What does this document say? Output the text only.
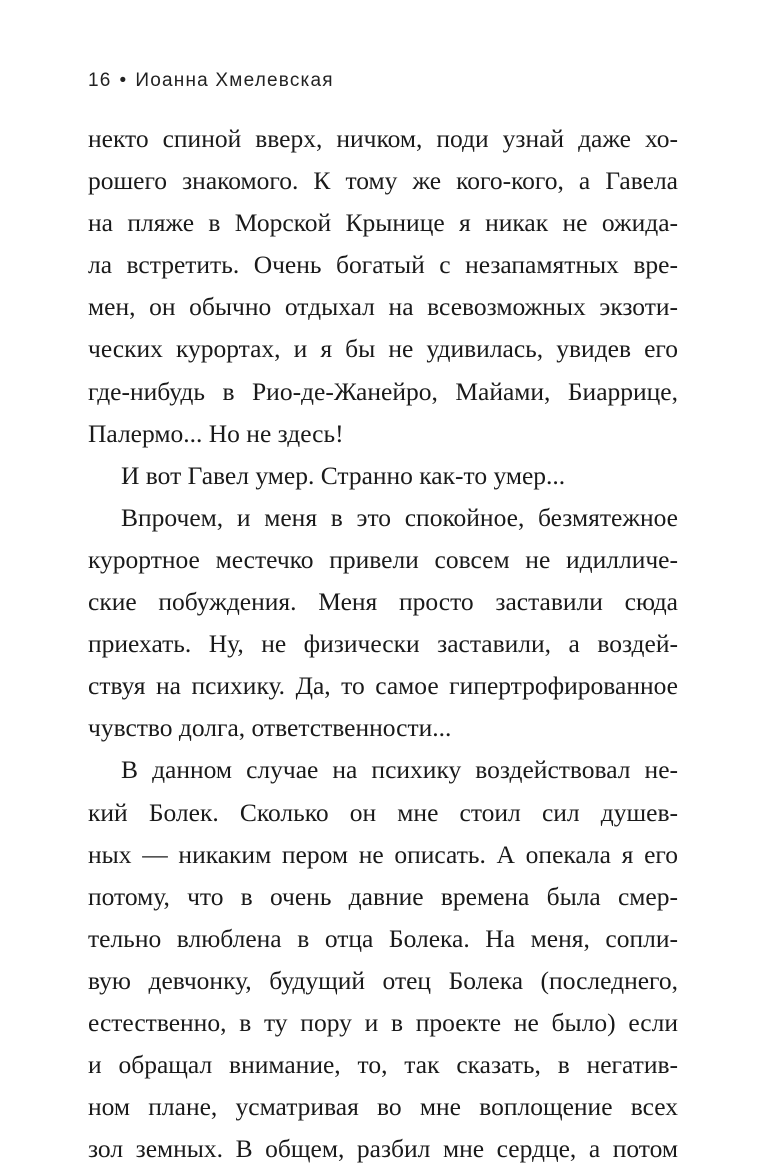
16 • Иоанна Хмелевская
некто спиной вверх, ничком, поди узнай даже хо-
рошего знакомого. К тому же кого-кого, а Гавела
на пляже в Морской Крынице я никак не ожида-
ла встретить. Очень богатый с незапамятных вре-
мен, он обычно отдыхал на всевозможных экзоти-
ческих курортах, и я бы не удивилась, увидев его
где-нибудь в Рио-де-Жанейро, Майами, Биаррице,
Палермо... Но не здесь!
И вот Гавел умер. Странно как-то умер...
Впрочем, и меня в это спокойное, безмятежное
курортное местечко привели совсем не идилличе-
ские побуждения. Меня просто заставили сюда
приехать. Ну, не физически заставили, а воздей-
ствуя на психику. Да, то самое гипертрофированное
чувство долга, ответственности...
В данном случае на психику воздействовал не-
кий Болек. Сколько он мне стоил сил душев-
ных — никаким пером не описать. А опекала я его
потому, что в очень давние времена была смер-
тельно влюблена в отца Болека. На меня, сопли-
вую девчонку, будущий отец Болека (последнего,
естественно, в ту пору и в проекте не было) если
и обращал внимание, то, так сказать, в негатив-
ном плане, усматривая во мне воплощение всех
зол земных. В общем, разбил мне сердце, а потом
